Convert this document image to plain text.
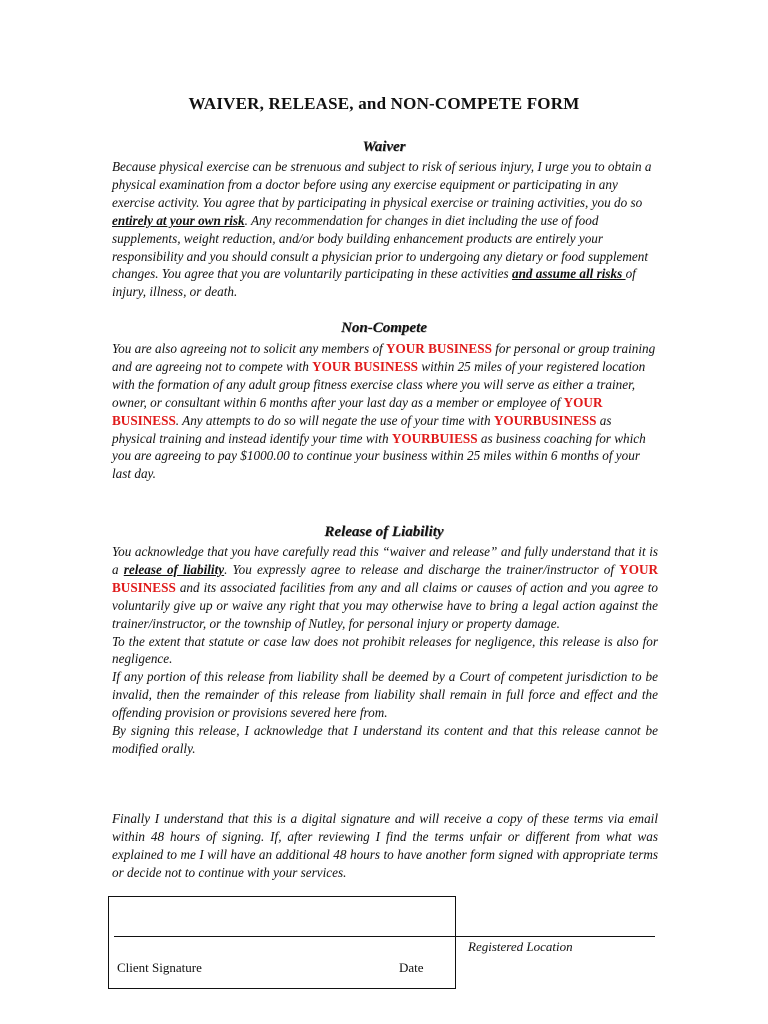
WAIVER, RELEASE, and NON-COMPETE FORM
Waiver
Because physical exercise can be strenuous and subject to risk of serious injury, I urge you to obtain a physical examination from a doctor before using any exercise equipment or participating in any exercise activity. You agree that by participating in physical exercise or training activities, you do so entirely at your own risk. Any recommendation for changes in diet including the use of food supplements, weight reduction, and/or body building enhancement products are entirely your responsibility and you should consult a physician prior to undergoing any dietary or food supplement changes. You agree that you are voluntarily participating in these activities and assume all risks of injury, illness, or death.
Non-Compete
You are also agreeing not to solicit any members of YOUR BUSINESS for personal or group training and are agreeing not to compete with YOUR BUSINESS within 25 miles of your registered location with the formation of any adult group fitness exercise class where you will serve as either a trainer, owner, or consultant within 6 months after your last day as a member or employee of YOUR BUSINESS. Any attempts to do so will negate the use of your time with YOURBUSINESS as physical training and instead identify your time with YOURBUIESS as business coaching for which you are agreeing to pay $1000.00 to continue your business within 25 miles within 6 months of your last day.
Release of Liability
You acknowledge that you have carefully read this “waiver and release” and fully understand that it is a release of liability. You expressly agree to release and discharge the trainer/instructor of YOUR BUSINESS and its associated facilities from any and all claims or causes of action and you agree to voluntarily give up or waive any right that you may otherwise have to bring a legal action against the trainer/instructor, or the township of Nutley, for personal injury or property damage.
To the extent that statute or case law does not prohibit releases for negligence, this release is also for negligence.
If any portion of this release from liability shall be deemed by a Court of competent jurisdiction to be invalid, then the remainder of this release from liability shall remain in full force and effect and the offending provision or provisions severed here from.
By signing this release, I acknowledge that I understand its content and that this release cannot be modified orally.
Finally I understand that this is a digital signature and will receive a copy of these terms via email within 48 hours of signing. If, after reviewing I find the terms unfair or different from what was explained to me I will have an additional 48 hours to have another form signed with appropriate terms or decide not to continue with your services.
Client Signature	Date
Registered Location
